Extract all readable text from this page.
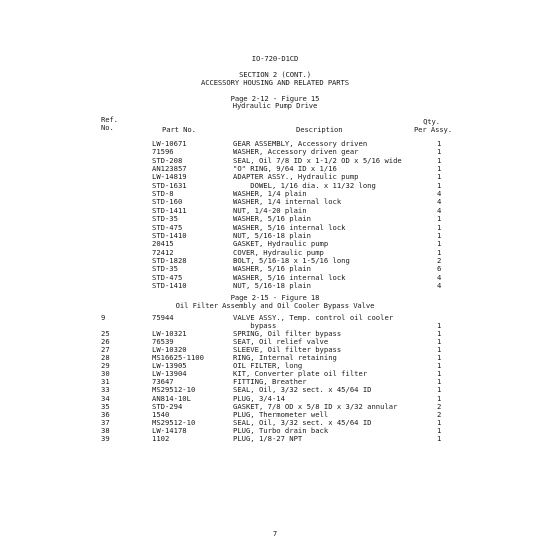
IO-720-D1CD
SECTION 2 (CONT.)
ACCESSORY HOUSING AND RELATED PARTS
Page 2-12 - Figure 15
Hydraulic Pump Drive
Ref.
No.	Part No.	Description
Qty.
Per Assy.
LW-10671	GEAR ASSEMBLY, Accessory driven	1
71596	WASHER, Accessory driven gear	1
STD-208	SEAL, Oil 7/8 ID x 1-1/2 OD x 5/16 wide	1
AN123857	"O" RING, 9/64 ID x 1/16	1
LW-14819	ADAPTER ASSY., Hydraulic pump	1
STD-1631	DOWEL, 1/16 dia. x 11/32 long	1
STD-8	WASHER, 1/4 plain	4
STD-160	WASHER, 1/4 internal lock	4
STD-1411	NUT, 1/4-20 plain	4
STD-35	WASHER, 5/16 plain	1
STD-475	WASHER, 5/16 internal lock	1
STD-1410	NUT, 5/16-18 plain	1
20415	GASKET, Hydraulic pump	1
72412	COVER, Hydraulic pump	1
STD-1828	BOLT, 5/16-18 x 1-5/16 long	2
STD-35	WASHER, 5/16 plain	6
STD-475	WASHER, 5/16 internal lock	4
STD-1410	NUT, 5/16-18 plain	4
Page 2-15 - Figure 18
Oil Filter Assembly and Oil Cooler Bypass Valve
9	75944	VALVE ASSY., Temp. control oil cooler
bypass	1
25	LW-10321	SPRING, Oil filter bypass	1
26	76539	SEAT, Oil relief valve	1
27	LW-10320	SLEEVE, Oil filter bypass	1
28	MS16625-1100	RING, Internal retaining	1
29	LW-13905	OIL FILTER, long	1
30	LW-13904	KIT, Converter plate oil filter	1
31	73647	FITTING, Breather	1
33	MS29512-10	SEAL, Oil, 3/32 sect. x 45/64 ID	1
34	AN814-10L	PLUG, 3/4-14	1
35	STD-294	GASKET, 7/8 OD x 5/8 ID x 3/32 annular	2
36	1540	PLUG, Thermometer well	2
37	MS29512-10	SEAL, Oil, 3/32 sect. x 45/64 ID	1
38	LW-14178	PLUG, Turbo drain back	1
39	1102	PLUG, 1/8-27 NPT	1
7
